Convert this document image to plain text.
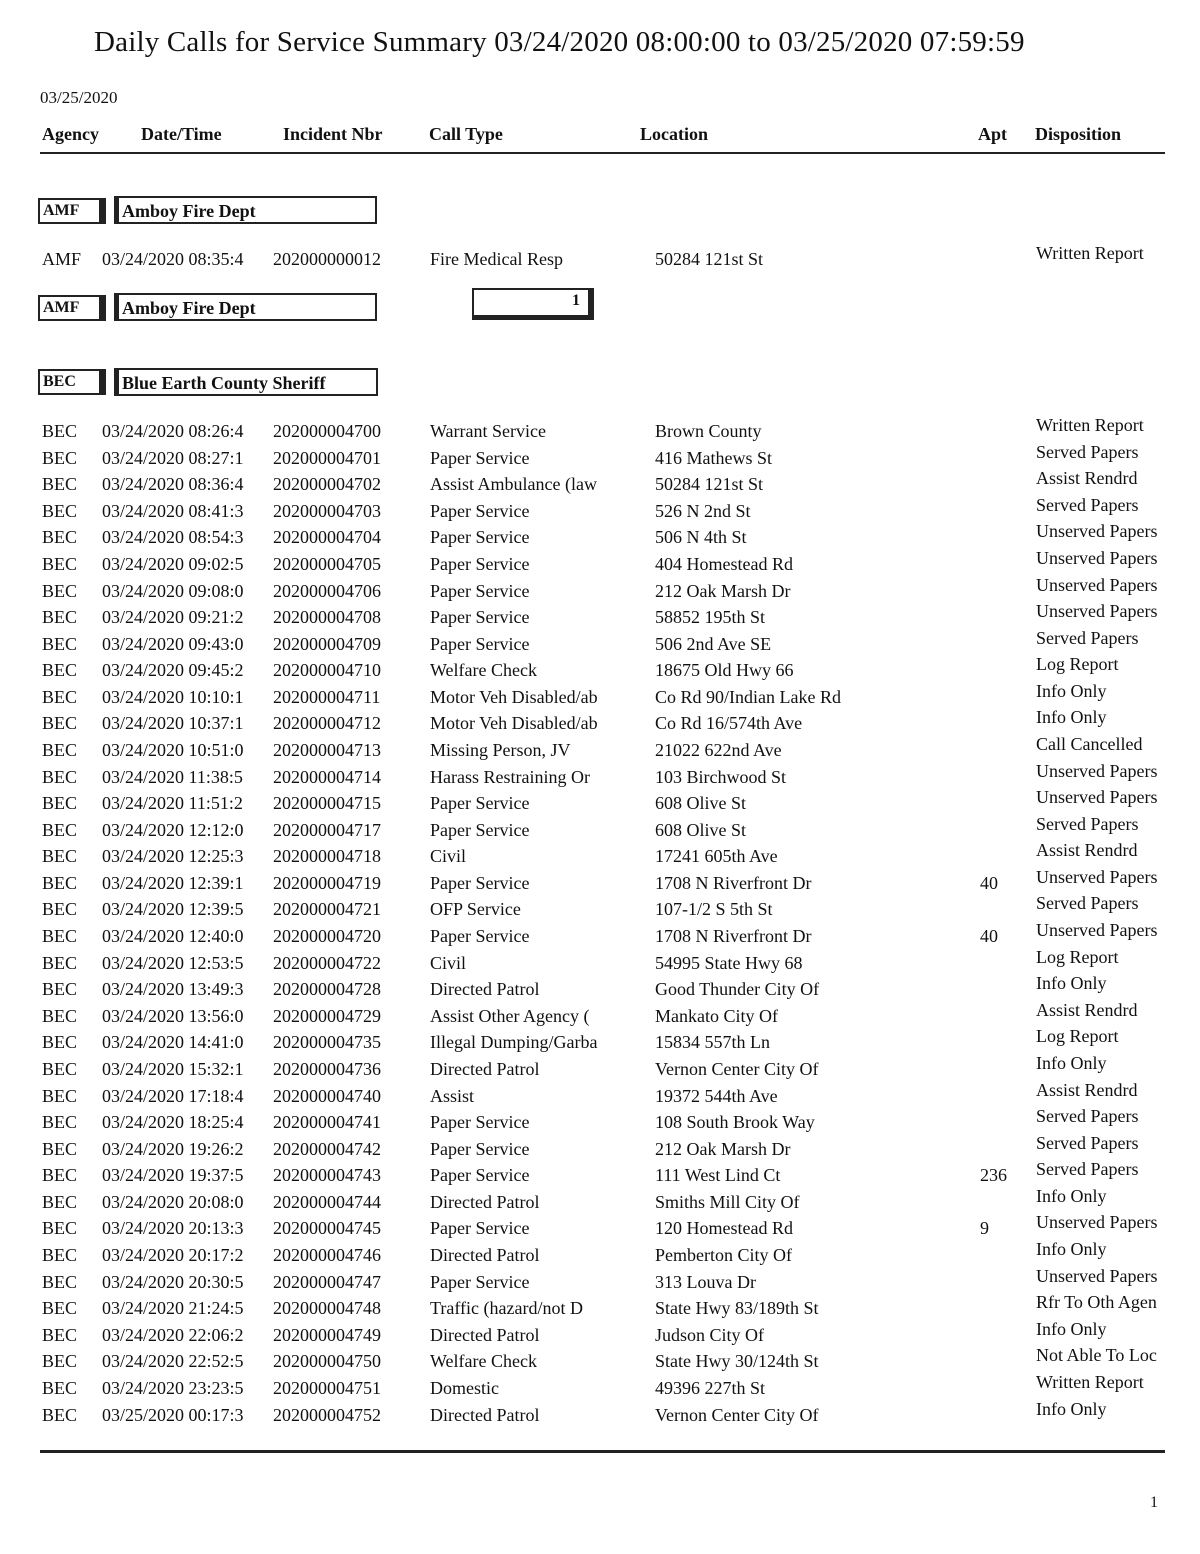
Daily Calls for Service Summary 03/24/2020 08:00:00 to 03/25/2020 07:59:59
03/25/2020
Agency Date/Time	Incident Nbr	Call Type	Location	Apt Disposition
AMF	Amboy Fire Dept
AMF 03/24/2020 08:35:4 202000000012	Fire Medical Resp	50284 121st St	Written Report
AMF	Amboy Fire Dept	1
BEC	Blue Earth County Sheriff
BEC 03/24/2020 08:26:4 202000004700	Warrant Service	Brown County	Written Report
BEC 03/24/2020 08:27:1 202000004701	Paper Service	416 Mathews St	Served Papers
BEC 03/24/2020 08:36:4 202000004702	Assist Ambulance (law	50284 121st St	Assist Rendrd
BEC 03/24/2020 08:41:3 202000004703	Paper Service	526 N 2nd St	Served Papers
BEC 03/24/2020 08:54:3 202000004704	Paper Service	506 N 4th St	Unserved Papers
BEC 03/24/2020 09:02:5 202000004705	Paper Service	404 Homestead Rd	Unserved Papers
BEC 03/24/2020 09:08:0 202000004706	Paper Service	212 Oak Marsh Dr	Unserved Papers
BEC 03/24/2020 09:21:2 202000004708	Paper Service	58852 195th St	Unserved Papers
BEC 03/24/2020 09:43:0 202000004709	Paper Service	506 2nd Ave SE	Served Papers
BEC 03/24/2020 09:45:2 202000004710	Welfare Check	18675 Old Hwy 66	Log Report
BEC 03/24/2020 10:10:1 202000004711	Motor Veh Disabled/ab	Co Rd 90/Indian Lake Rd	Info Only
BEC 03/24/2020 10:37:1 202000004712	Motor Veh Disabled/ab	Co Rd 16/574th Ave	Info Only
BEC 03/24/2020 10:51:0 202000004713	Missing Person, JV	21022 622nd Ave	Call Cancelled
BEC 03/24/2020 11:38:5 202000004714	Harass Restraining Or	103 Birchwood St	Unserved Papers
BEC 03/24/2020 11:51:2 202000004715	Paper Service	608 Olive St	Unserved Papers
BEC 03/24/2020 12:12:0 202000004717	Paper Service	608 Olive St	Served Papers
BEC 03/24/2020 12:25:3 202000004718	Civil	17241 605th Ave	Assist Rendrd
BEC 03/24/2020 12:39:1 202000004719	Paper Service	1708 N Riverfront Dr	40 Unserved Papers
BEC 03/24/2020 12:39:5 202000004721	OFP Service	107-1/2 S 5th St	Served Papers
BEC 03/24/2020 12:40:0 202000004720	Paper Service	1708 N Riverfront Dr	40 Unserved Papers
BEC 03/24/2020 12:53:5 202000004722	Civil	54995 State Hwy 68	Log Report
BEC 03/24/2020 13:49:3 202000004728	Directed Patrol	Good Thunder City Of	Info Only
BEC 03/24/2020 13:56:0 202000004729	Assist Other Agency (	Mankato City Of	Assist Rendrd
BEC 03/24/2020 14:41:0 202000004735	Illegal Dumping/Garba	15834 557th Ln	Log Report
BEC 03/24/2020 15:32:1 202000004736	Directed Patrol	Vernon Center City Of	Info Only
BEC 03/24/2020 17:18:4 202000004740	Assist	19372 544th Ave	Assist Rendrd
BEC 03/24/2020 18:25:4 202000004741	Paper Service	108 South Brook Way	Served Papers
BEC 03/24/2020 19:26:2 202000004742	Paper Service	212 Oak Marsh Dr	Served Papers
BEC 03/24/2020 19:37:5 202000004743	Paper Service	111 West Lind Ct	236 Served Papers
BEC 03/24/2020 20:08:0 202000004744	Directed Patrol	Smiths Mill City Of	Info Only
BEC 03/24/2020 20:13:3 202000004745	Paper Service	120 Homestead Rd	9	Unserved Papers
BEC 03/24/2020 20:17:2 202000004746	Directed Patrol	Pemberton City Of	Info Only
BEC 03/24/2020 20:30:5 202000004747	Paper Service	313 Louva Dr	Unserved Papers
BEC 03/24/2020 21:24:5 202000004748	Traffic (hazard/not D	State Hwy 83/189th St	Rfr To Oth Agen
BEC 03/24/2020 22:06:2 202000004749	Directed Patrol	Judson City Of	Info Only
BEC 03/24/2020 22:52:5 202000004750	Welfare Check	State Hwy 30/124th St	Not Able To Loc
BEC 03/24/2020 23:23:5 202000004751	Domestic	49396 227th St	Written Report
BEC 03/25/2020 00:17:3 202000004752	Directed Patrol	Vernon Center City Of	Info Only
1
